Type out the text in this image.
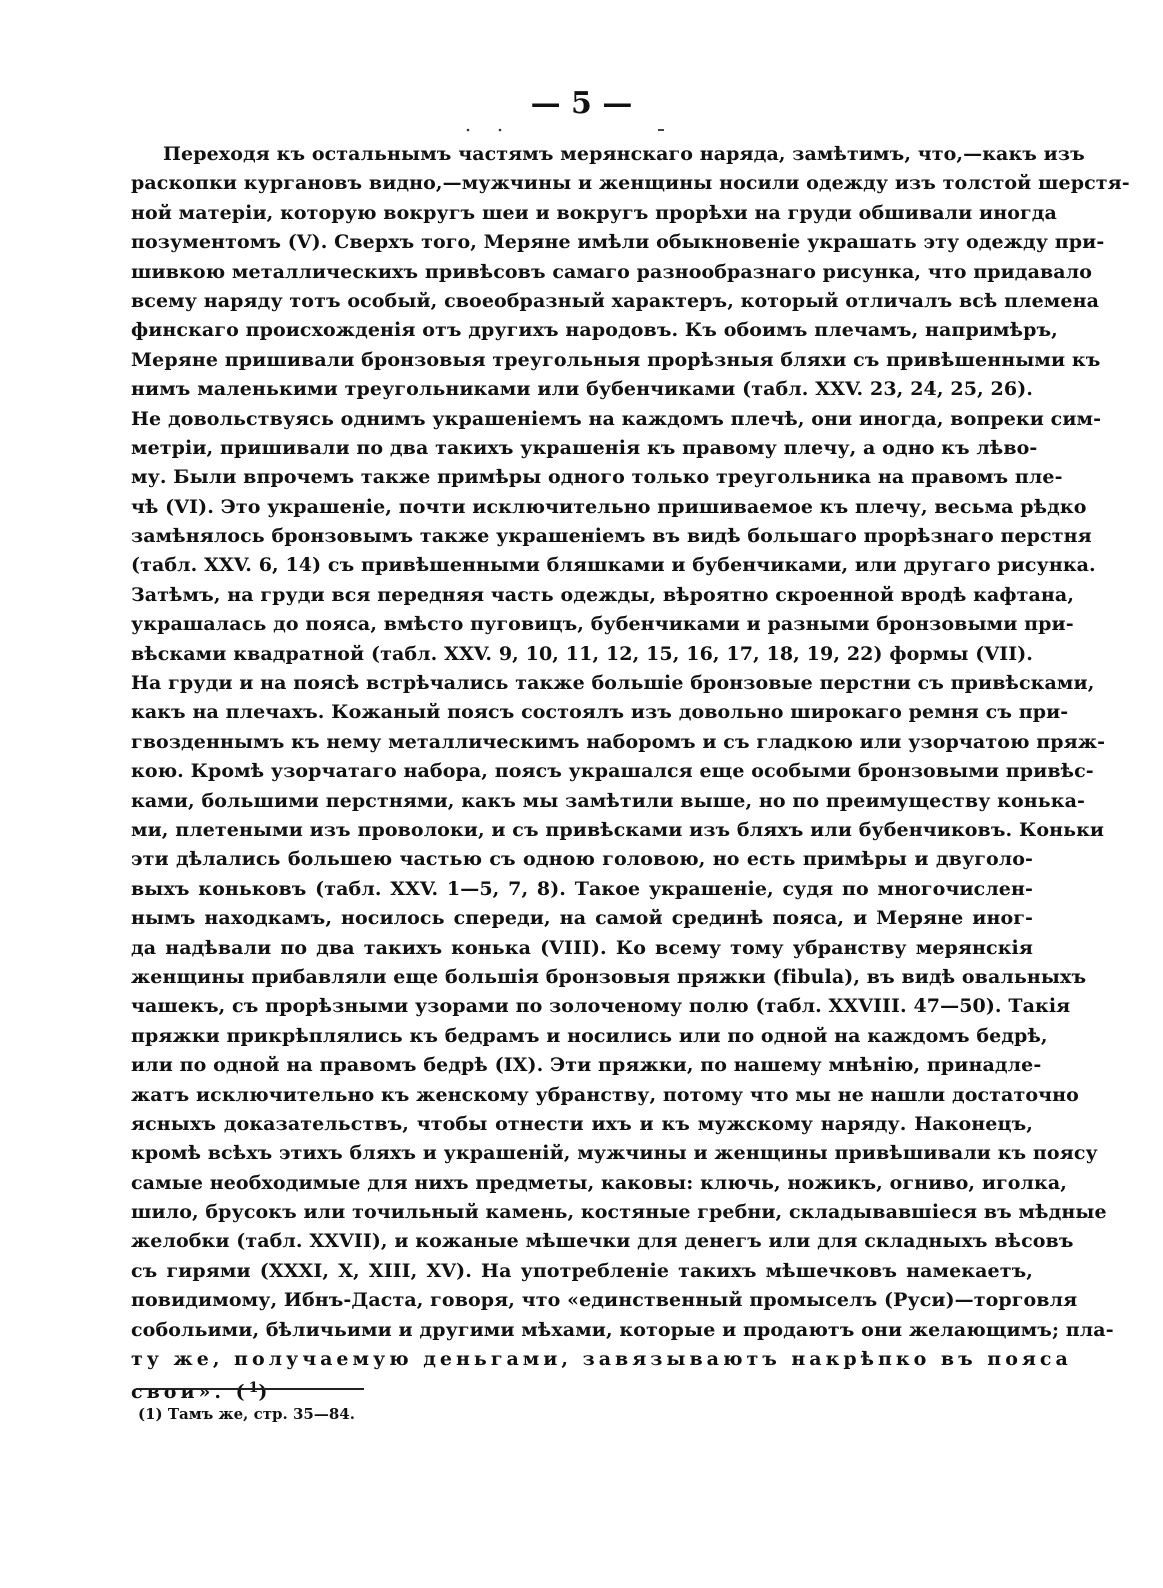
— 5 —
Переходя къ остальнымъ частямъ мерянскаго наряда, замѣтимъ, что,—какъ изъ
раскопки кургановъ видно,—мужчины и женщины носили одежду изъ толстой шерстя-
ной матеріи, которую вокругъ шеи и вокругъ прорѣхи на груди обшивали иногда
позументомъ (V). Сверхъ того, Меряне имѣли обыкновеніе украшать эту одежду при-
шивкою металлическихъ привѣсовъ самаго разнообразнаго рисунка, что придавало
всему наряду тотъ особый, своеобразный характеръ, который отличалъ всѣ племена
финскаго происхожденія отъ другихъ народовъ. Къ обоимъ плечамъ, напримѣръ,
Меряне пришивали бронзовыя треугольныя прорѣзныя бляхи съ привѣшенными къ
нимъ маленькими треугольниками или бубенчиками (табл. XXV. 23, 24, 25, 26).
Не довольствуясь однимъ украшеніемъ на каждомъ плечѣ, они иногда, вопреки сим-
метріи, пришивали по два такихъ украшенія къ правому плечу, а одно къ лѣво-
му. Были впрочемъ также примѣры одного только треугольника на правомъ пле-
чѣ (VI). Это украшеніе, почти исключительно пришиваемое къ плечу, весьма рѣдко
замѣнялось бронзовымъ также украшеніемъ въ видѣ большаго прорѣзнаго перстня
(табл. XXV. 6, 14) съ привѣшенными бляшками и бубенчиками, или другаго рисунка.
Затѣмъ, на груди вся передняя часть одежды, вѣроятно скроенной вродѣ кафтана,
украшалась до пояса, вмѣсто пуговицъ, бубенчиками и разными бронзовыми при-
вѣсками квадратной (табл. XXV. 9, 10, 11, 12, 15, 16, 17, 18, 19, 22) формы (VII).
На груди и на поясѣ встрѣчались также большіе бронзовые перстни съ привѣсками,
какъ на плечахъ. Кожаный поясъ состоялъ изъ довольно широкаго ремня съ при-
гвозденнымъ къ нему металлическимъ наборомъ и съ гладкою или узорчатою пряж-
кою. Кромѣ узорчатаго набора, поясъ украшался еще особыми бронзовыми привѣс-
ками, большими перстнями, какъ мы замѣтили выше, но по преимуществу конька-
ми, плетеными изъ проволоки, и съ привѣсками изъ бляхъ или бубенчиковъ. Коньки
эти дѣлались большею частью съ одною головою, но есть примѣры и двуголо-
выхъ коньковъ (табл. XXV. 1—5, 7, 8). Такое украшеніе, судя по многочислен-
нымъ находкамъ, носилось спереди, на самой срединѣ пояса, и Меряне иног-
да надѣвали по два такихъ конька (VIII). Ко всему тому убранству мерянскія
женщины прибавляли еще большія бронзовыя пряжки (fibula), въ видѣ овальныхъ
чашекъ, съ прорѣзными узорами по золоченому полю (табл. XXVIII. 47—50). Такія
пряжки прикрѣплялись къ бедрамъ и носились или по одной на каждомъ бедрѣ,
или по одной на правомъ бедрѣ (IX). Эти пряжки, по нашему мнѣнію, принадле-
жатъ исключительно къ женскому убранству, потому что мы не нашли достаточно
ясныхъ доказательствъ, чтобы отнести ихъ и къ мужскому наряду. Наконецъ,
кромѣ всѣхъ этихъ бляхъ и украшеній, мужчины и женщины привѣшивали къ поясу
самые необходимые для нихъ предметы, каковы: ключь, ножикъ, огниво, иголка,
шило, брусокъ или точильный камень, костяные гребни, складывавшіеся въ мѣдные
желобки (табл. XXVII), и кожаные мѣшечки для денегъ или для складныхъ вѣсовъ
съ гирями (XXXI, X, XIII, XV). На употребленіе такихъ мѣшечковъ намекаетъ,
повидимому, Ибнъ-Даста, говоря, что «единственный промыселъ (Руси)—торговля
собольими, бѣличьими и другими мѣхами, которые и продаютъ они желающимъ; пла-
ту же, получаемую деньгами, завязываютъ накрѣпко въ пояса
свои». ($^1$)
(1) Тамъ же, стр. 35—84.
